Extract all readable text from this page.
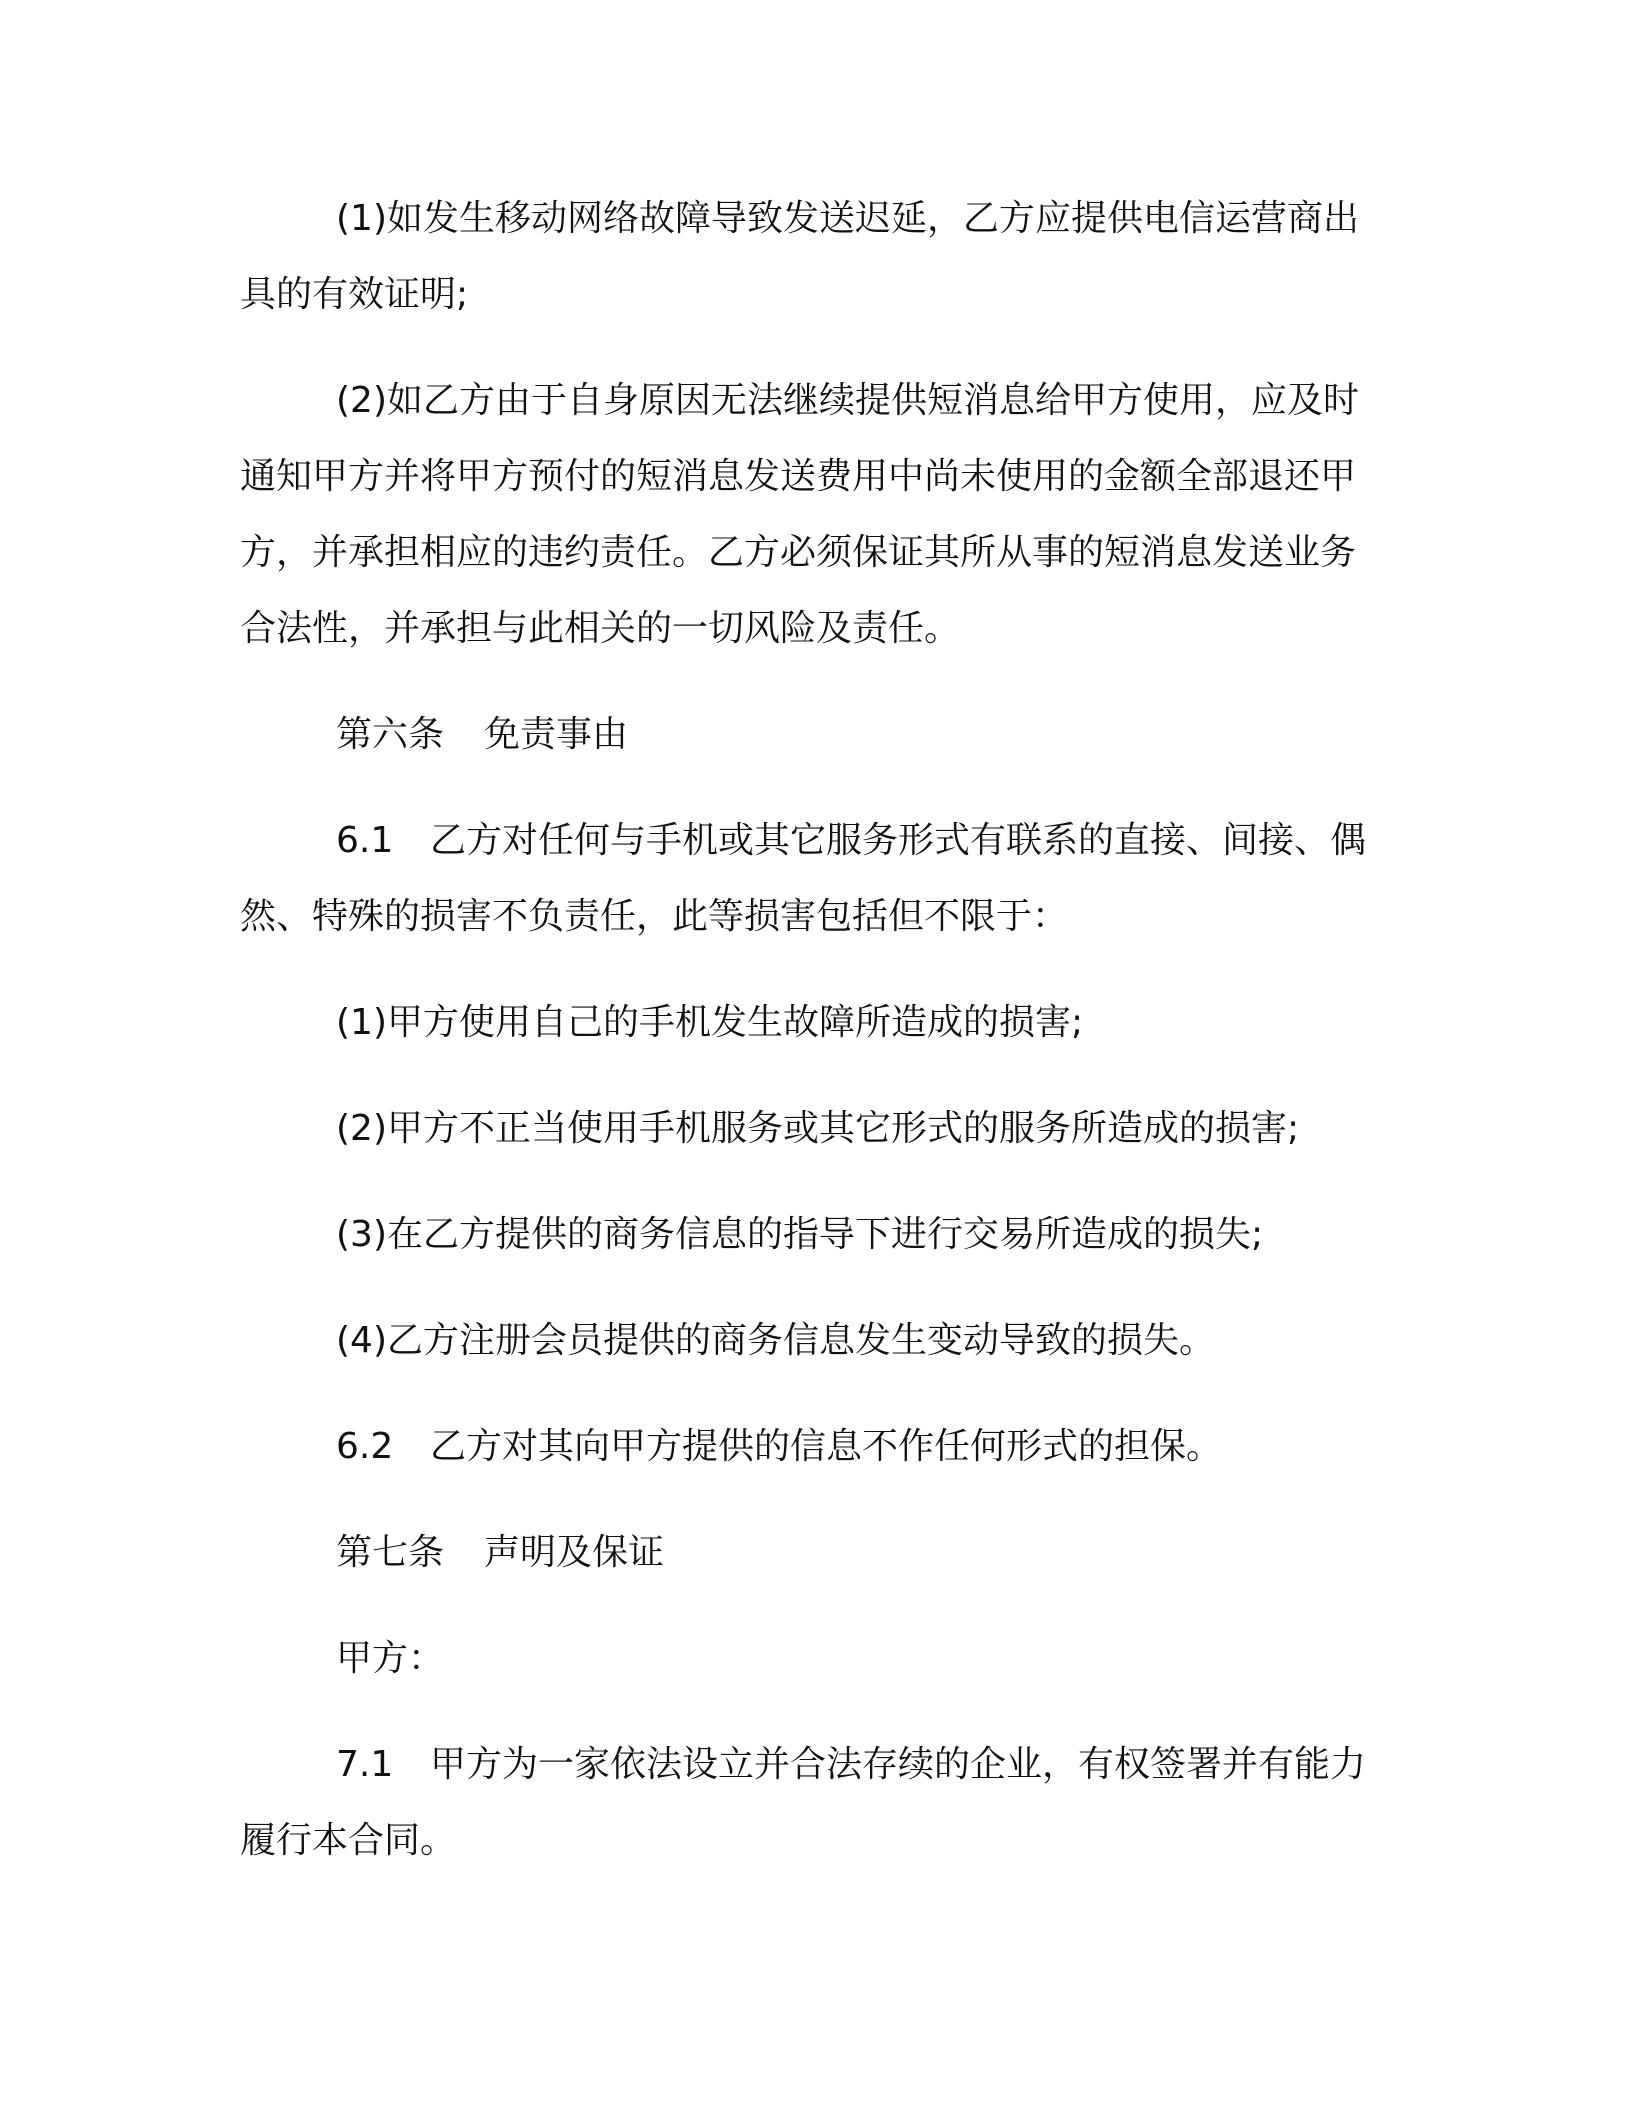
(1)如发生移动网络故障导致发送迟延，乙方应提供电信运营商出具的有效证明;

(2)如乙方由于自身原因无法继续提供短消息给甲方使用，应及时通知甲方并将甲方预付的短消息发送费用中尚未使用的金额全部退还甲方，并承担相应的违约责任。乙方必须保证其所从事的短消息发送业务合法性，并承担与此相关的一切风险及责任。

第六条 免责事由

6.1 乙方对任何与手机或其它服务形式有联系的直接、间接、偶然、特殊的损害不负责任，此等损害包括但不限于：

(1)甲方使用自己的手机发生故障所造成的损害;

(2)甲方不正当使用手机服务或其它形式的服务所造成的损害;

(3)在乙方提供的商务信息的指导下进行交易所造成的损失;

(4)乙方注册会员提供的商务信息发生变动导致的损失。

6.2 乙方对其向甲方提供的信息不作任何形式的担保。

第七条 声明及保证

甲方：

7.1 甲方为一家依法设立并合法存续的企业，有权签署并有能力履行本合同。
